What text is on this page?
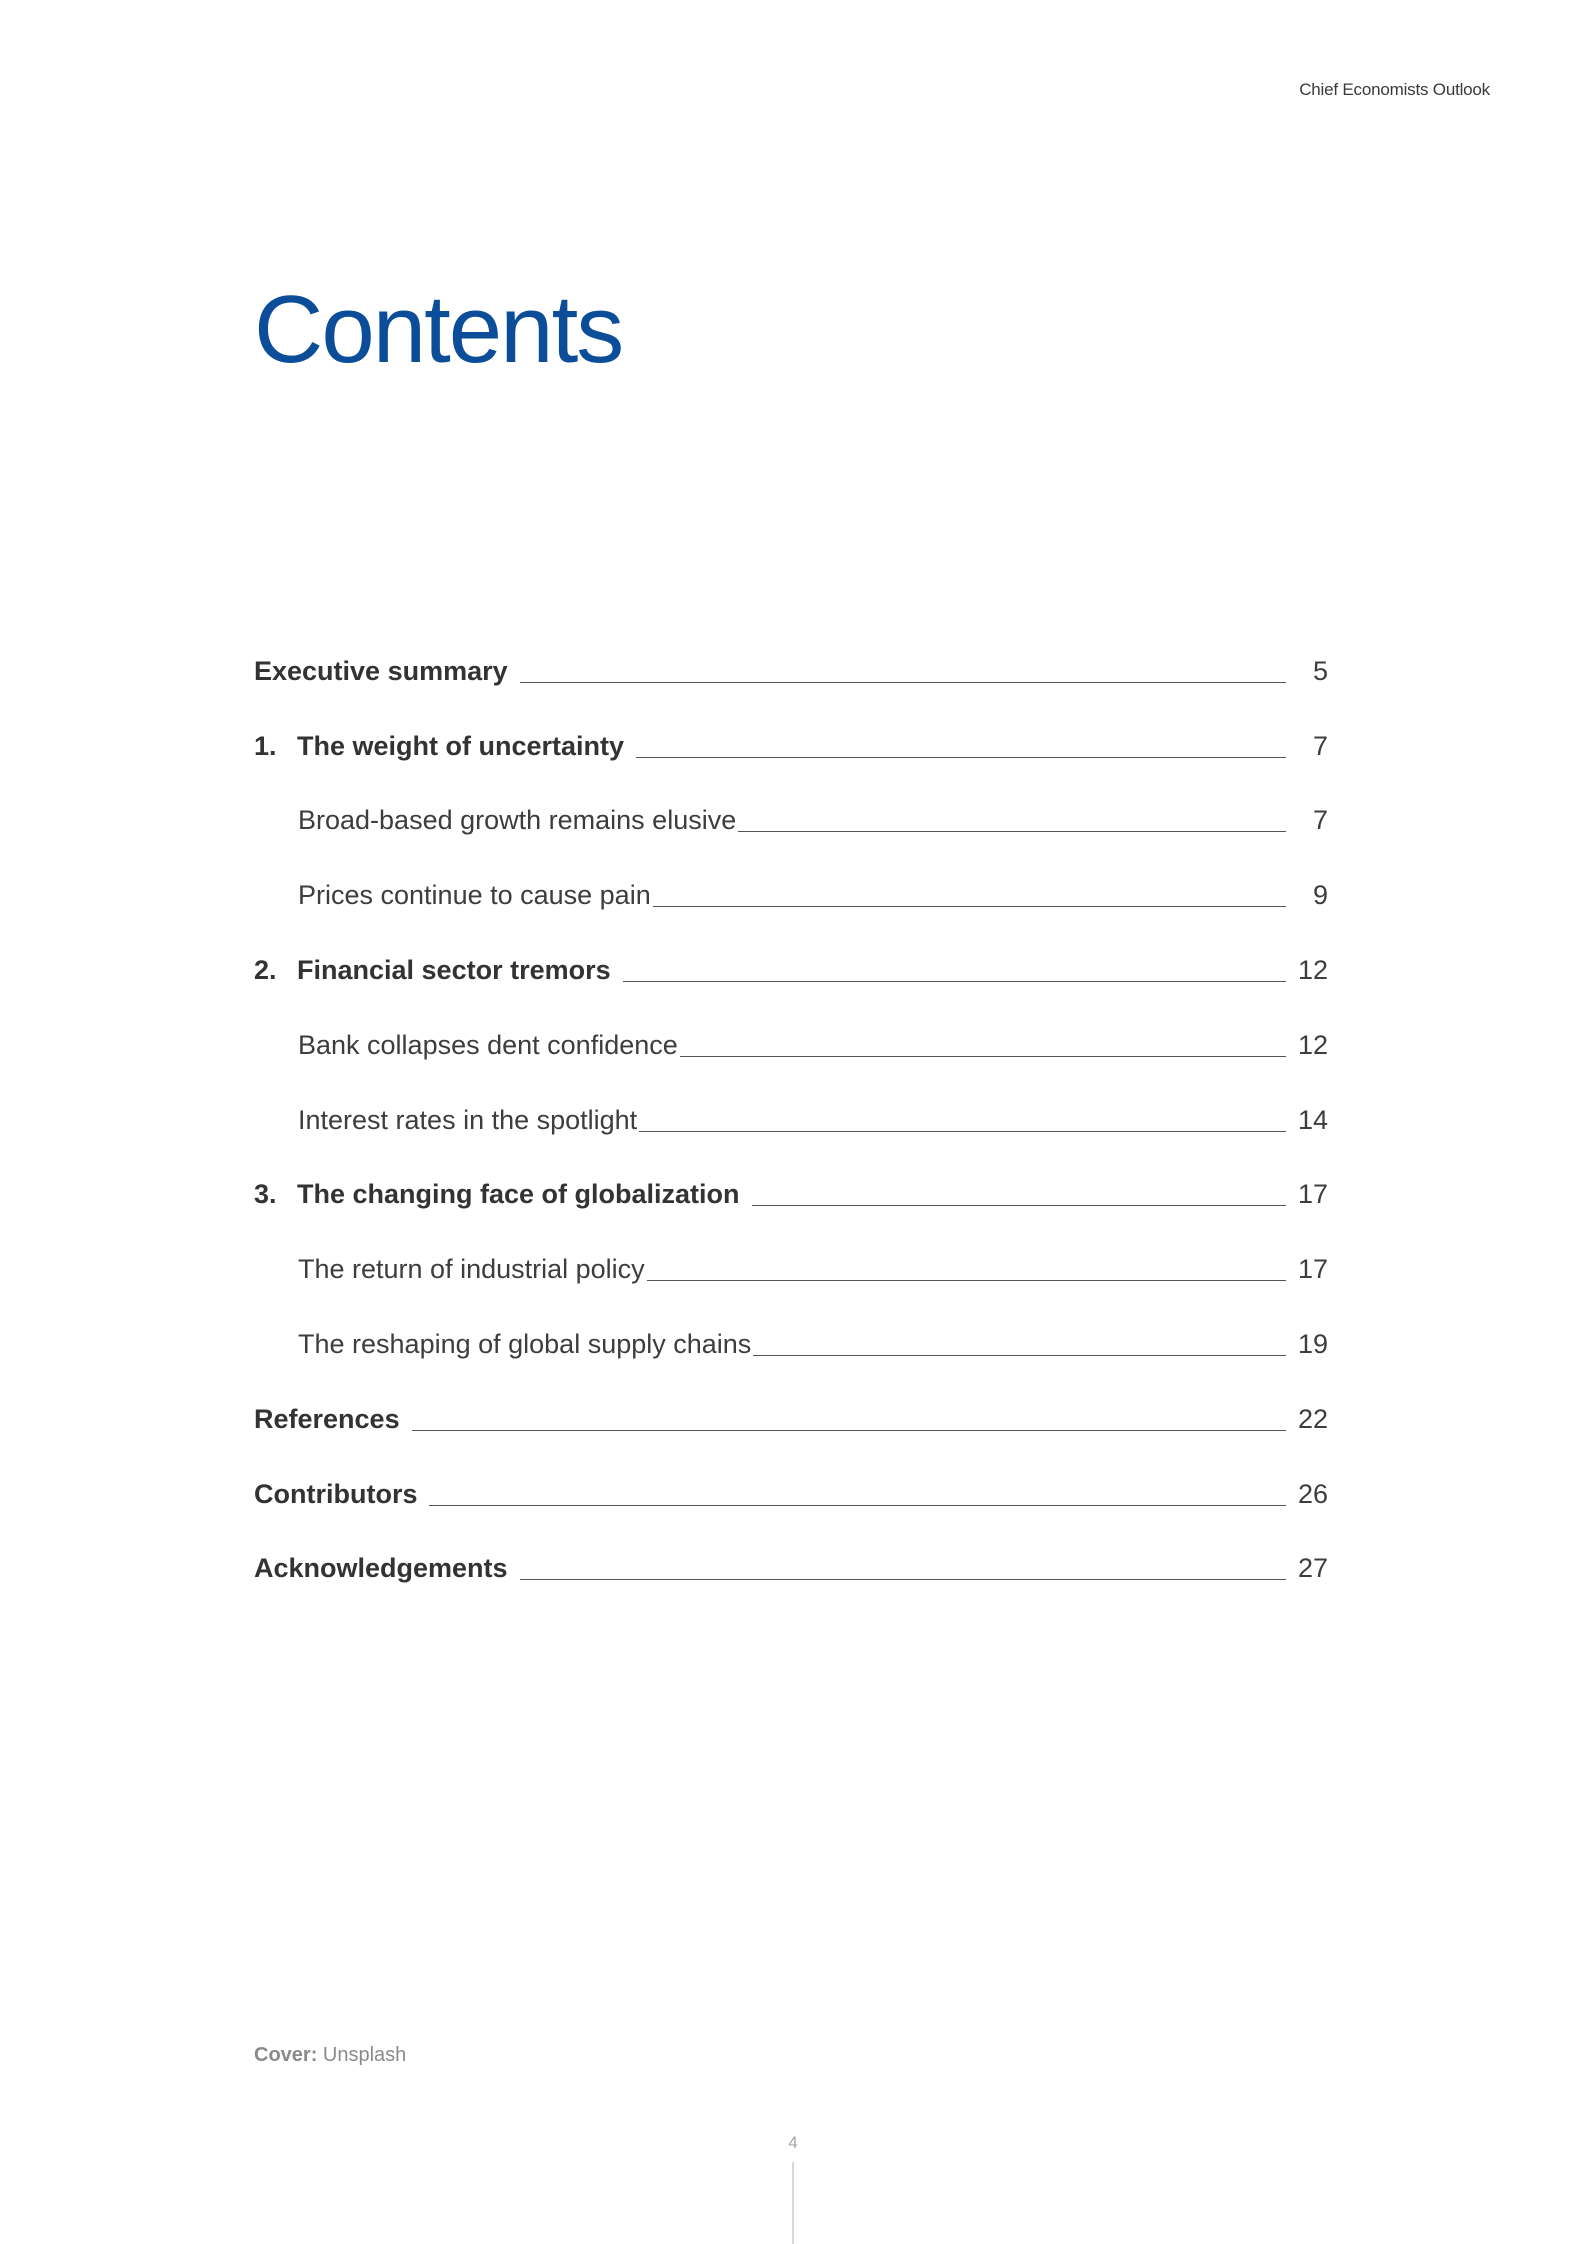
Chief Economists Outlook
Contents
Executive summary	5
1. The weight of uncertainty	7
Broad-based growth remains elusive	7
Prices continue to cause pain	9
2. Financial sector tremors	12
Bank collapses dent confidence	12
Interest rates in the spotlight	14
3. The changing face of globalization	17
The return of industrial policy	17
The reshaping of global supply chains	19
References	22
Contributors	26
Acknowledgements	27
Cover: Unsplash
4
